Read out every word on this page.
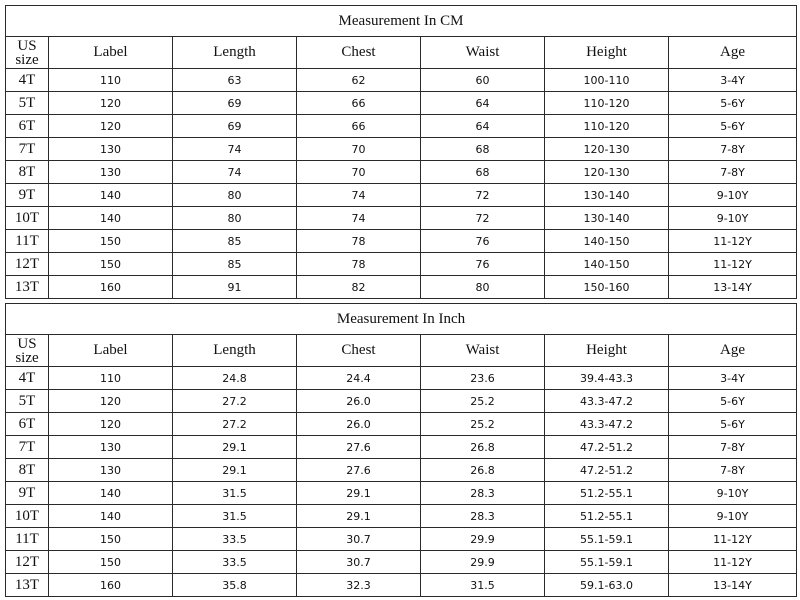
Measurement In CM						
US size	Label	Length	Chest	Waist	Height	Age
4T	110	63	62	60	100-110	3-4Y
5T	120	69	66	64	110-120	5-6Y
6T	120	69	66	64	110-120	5-6Y
7T	130	74	70	68	120-130	7-8Y
8T	130	74	70	68	120-130	7-8Y
9T	140	80	74	72	130-140	9-10Y
10T	140	80	74	72	130-140	9-10Y
11T	150	85	78	76	140-150	11-12Y
12T	150	85	78	76	140-150	11-12Y
13T	160	91	82	80	150-160	13-14Y
Measurement In Inch						
US size	Label	Length	Chest	Waist	Height	Age
4T	110	24.8	24.4	23.6	39.4-43.3	3-4Y
5T	120	27.2	26.0	25.2	43.3-47.2	5-6Y
6T	120	27.2	26.0	25.2	43.3-47.2	5-6Y
7T	130	29.1	27.6	26.8	47.2-51.2	7-8Y
8T	130	29.1	27.6	26.8	47.2-51.2	7-8Y
9T	140	31.5	29.1	28.3	51.2-55.1	9-10Y
10T	140	31.5	29.1	28.3	51.2-55.1	9-10Y
11T	150	33.5	30.7	29.9	55.1-59.1	11-12Y
12T	150	33.5	30.7	29.9	55.1-59.1	11-12Y
13T	160	35.8	32.3	31.5	59.1-63.0	13-14Y
